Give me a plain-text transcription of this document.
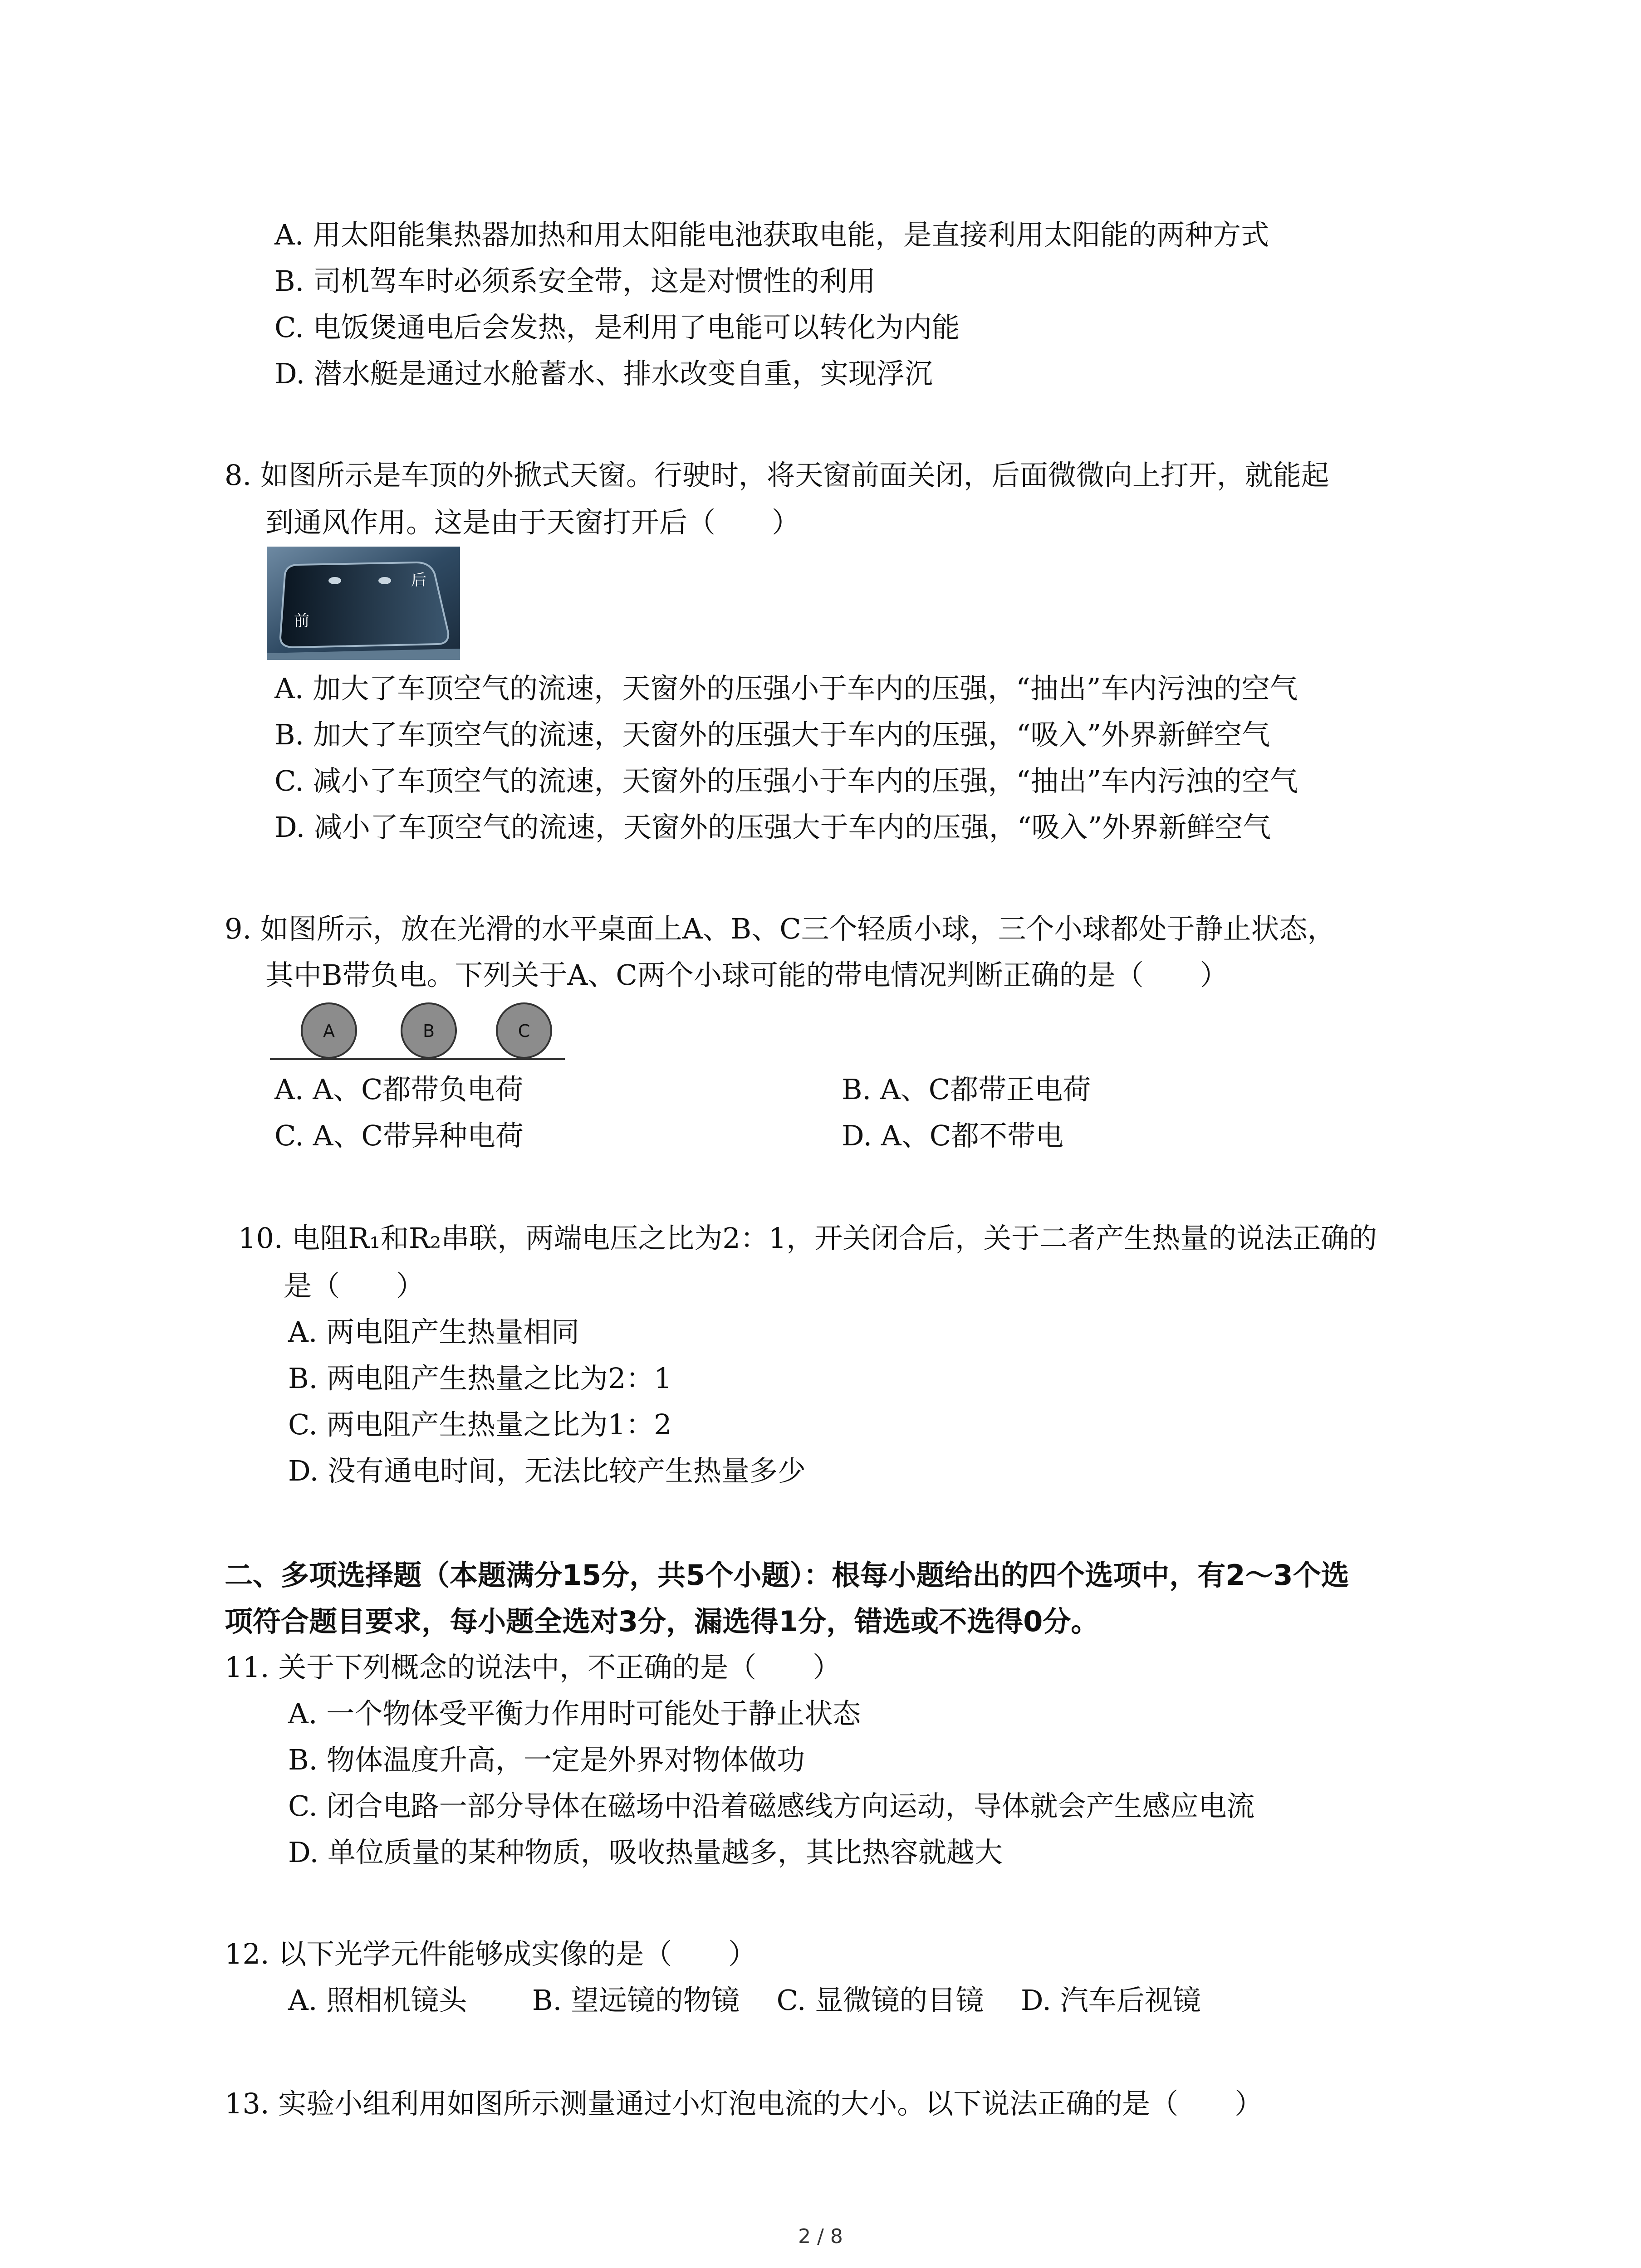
A. 用太阳能集热器加热和用太阳能电池获取电能，是直接利用太阳能的两种方式
B. 司机驾车时必须系安全带，这是对惯性的利用
C. 电饭煲通电后会发热，是利用了电能可以转化为内能
D. 潜水艇是通过水舱蓄水、排水改变自重，实现浮沉
8. 如图所示是车顶的外掀式天窗。行驶时，将天窗前面关闭，后面微微向上打开，就能起
到通风作用。这是由于天窗打开后（　　）
后
前
A. 加大了车顶空气的流速，天窗外的压强小于车内的压强，“抽出”车内污浊的空气
B. 加大了车顶空气的流速，天窗外的压强大于车内的压强，“吸入”外界新鲜空气
C. 减小了车顶空气的流速，天窗外的压强小于车内的压强，“抽出”车内污浊的空气
D. 减小了车顶空气的流速，天窗外的压强大于车内的压强，“吸入”外界新鲜空气
9. 如图所示，放在光滑的水平桌面上A、B、C三个轻质小球，三个小球都处于静止状态，
其中B带负电。下列关于A、C两个小球可能的带电情况判断正确的是（　　）
A	B	C
A. A、C都带负电荷	B. A、C都带正电荷
C. A、C带异种电荷	D. A、C都不带电
10. 电阻R₁和R₂串联，两端电压之比为2：1，开关闭合后，关于二者产生热量的说法正确的
是（　　）
A. 两电阻产生热量相同
B. 两电阻产生热量之比为2：1
C. 两电阻产生热量之比为1：2
D. 没有通电时间，无法比较产生热量多少
二、多项选择题（本题满分15分，共5个小题）：根每小题给出的四个选项中，有2～3个选
项符合题目要求，每小题全选对3分，漏选得1分，错选或不选得0分。
11. 关于下列概念的说法中，不正确的是（　　）
A. 一个物体受平衡力作用时可能处于静止状态
B. 物体温度升高，一定是外界对物体做功
C. 闭合电路一部分导体在磁场中沿着磁感线方向运动，导体就会产生感应电流
D. 单位质量的某种物质，吸收热量越多，其比热容就越大
12. 以下光学元件能够成实像的是（　　）
A. 照相机镜头　　 B. 望远镜的物镜　 C. 显微镜的目镜　 D. 汽车后视镜
13. 实验小组利用如图所示测量通过小灯泡电流的大小。以下说法正确的是（　　）
2 / 8
